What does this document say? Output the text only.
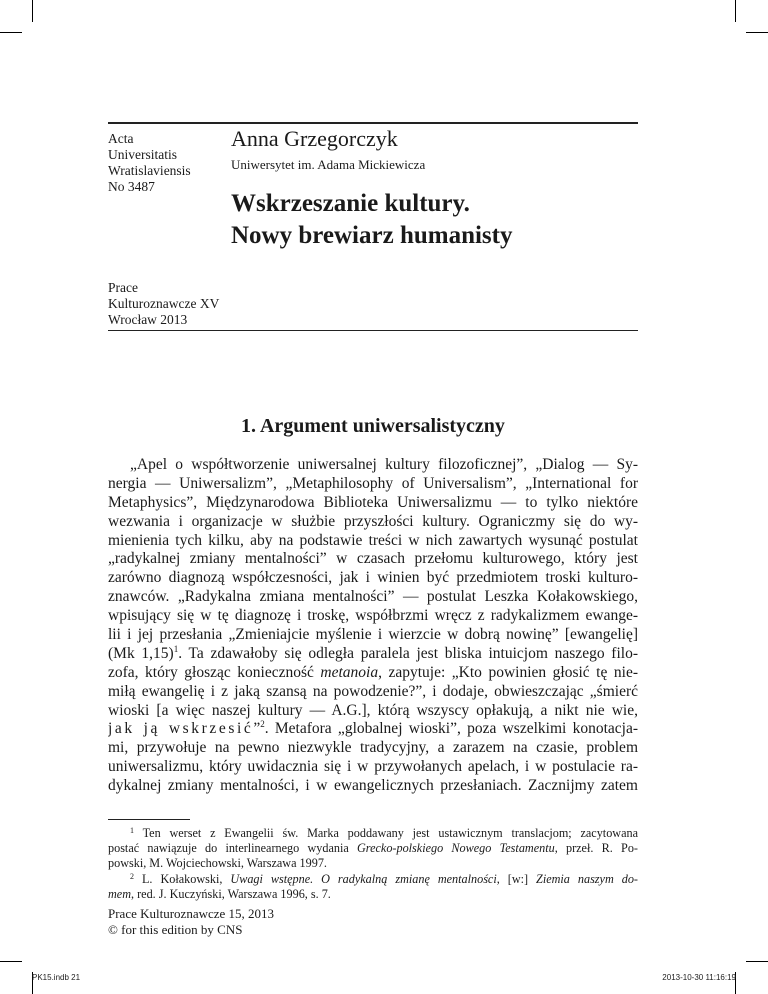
Acta
Universitatis
Wratislaviensis
No 3487
Anna Grzegorczyk
Uniwersytet im. Adama Mickiewicza
Wskrzeszanie kultury.
Nowy brewiarz humanisty
Prace
Kulturoznawcze XV
Wrocław 2013
1. Argument uniwersalistyczny
„Apel o współtworzenie uniwersalnej kultury filozoficznej”, „Dialog — Sy-
nergia — Uniwersalizm”, „Metaphilosophy of Universalism”, „International for
Metaphysics”, Międzynarodowa Biblioteka Uniwersalizmu — to tylko niektóre
wezwania i organizacje w służbie przyszłości kultury. Ograniczmy się do wy-
mienienia tych kilku, aby na podstawie treści w nich zawartych wysunąć postulat
„radykalnej zmiany mentalności” w czasach przełomu kulturowego, który jest
zarówno diagnozą współczesności, jak i winien być przedmiotem troski kulturo-
znawców. „Radykalna zmiana mentalności” — postulat Leszka Kołakowskiego,
wpisujący się w tę diagnozę i troskę, współbrzmi wręcz z radykalizmem ewange-
lii i jej przesłania „Zmieniajcie myślenie i wierzcie w dobrą nowinę” [ewangelię]
(Mk 1,15)$^1$. Ta zdawałoby się odległa paralela jest bliska intuicjom naszego filo-
zofa, który głosząc konieczność metanoia, zapytuje: „Kto powinien głosić tę nie-
miłą ewangelię i z jaką szansą na powodzenie?”, i dodaje, obwieszczając „śmierć
wioski [a więc naszej kultury — A.G.], którą wszyscy opłakują, a nikt nie wie,
jak ją wskrzesić”$^2$. Metafora „globalnej wioski”, poza wszelkimi konotacja-
mi, przywołuje na pewno niezwykle tradycyjny, a zarazem na czasie, problem
uniwersalizmu, który uwidacznia się i w przywołanych apelach, i w postulacie ra-
dykalnej zmiany mentalności, i w ewangelicznych przesłaniach. Zacznijmy zatem
$^1$ Ten werset z Ewangelii św. Marka poddawany jest ustawicznym translacjom; zacytowana
postać nawiązuje do interlinearnego wydania Grecko-polskiego Nowego Testamentu, przeł. R. Po-
powski, M. Wojciechowski, Warszawa 1997.
$^2$ L. Kołakowski, Uwagi wstępne. O radykalną zmianę mentalności, [w:] Ziemia naszym do-
mem, red. J. Kuczyński, Warszawa 1996, s. 7.
Prace Kulturoznawcze 15, 2013
© for this edition by CNS
PK15.indb 21	2013-10-30 11:16:19
